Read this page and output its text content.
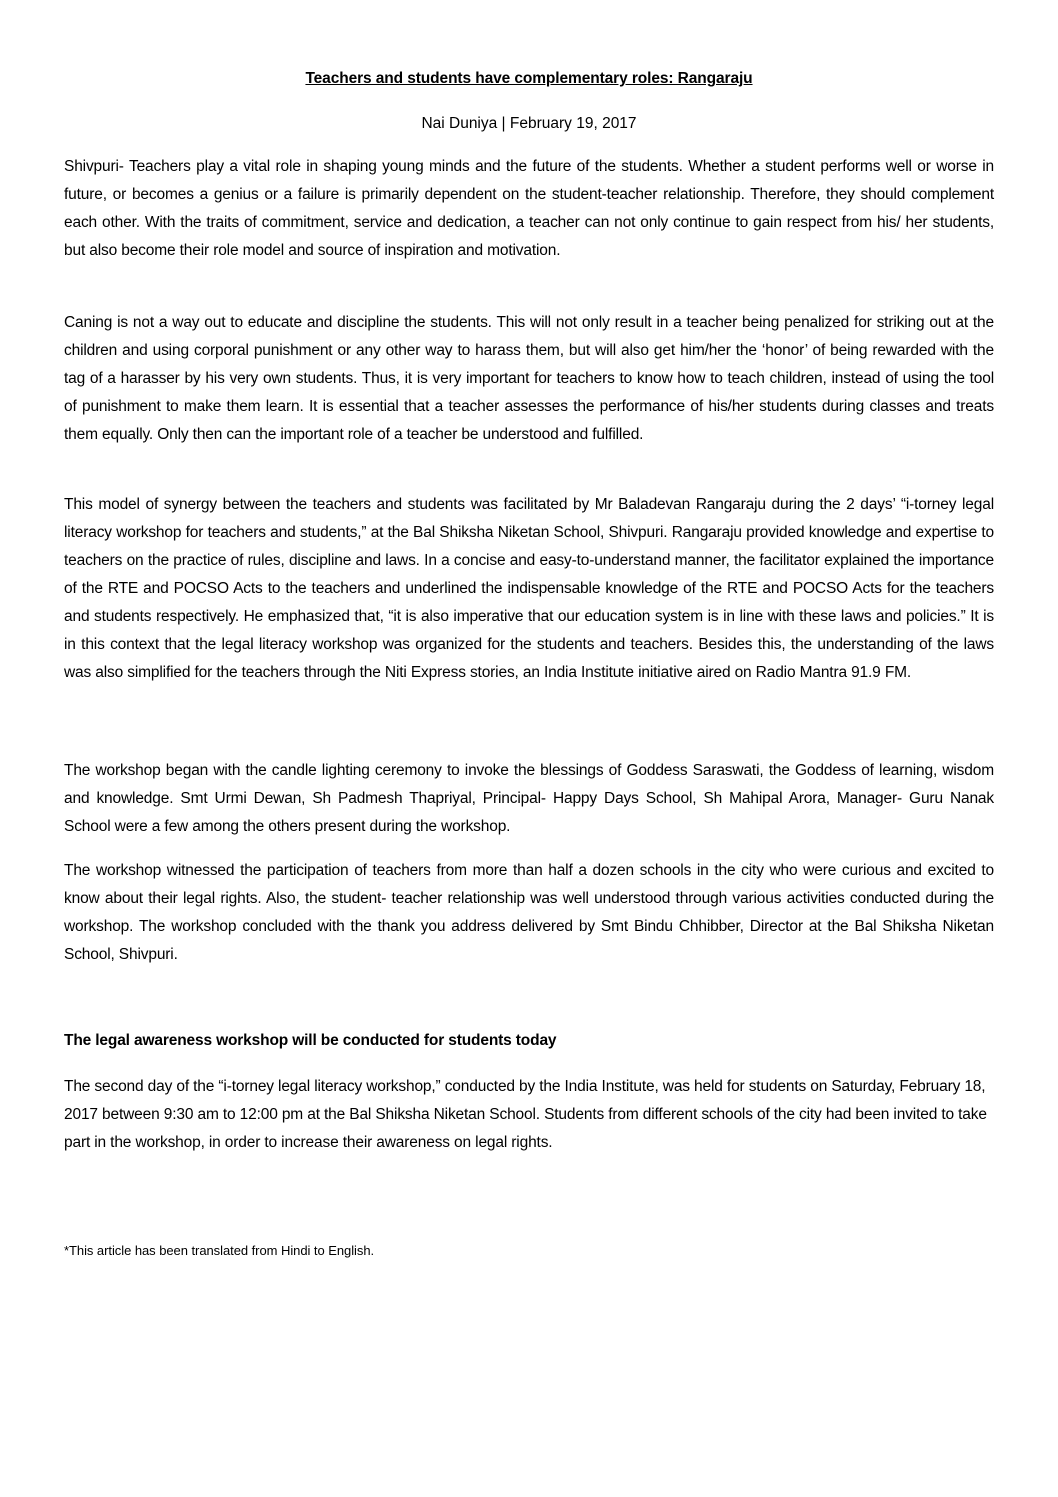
Teachers and students have complementary roles: Rangaraju
Nai Duniya | February 19, 2017

Shivpuri- Teachers play a vital role in shaping young minds and the future of the students. Whether a student performs well or worse in future, or becomes a genius or a failure is primarily dependent on the student-teacher relationship. Therefore, they should complement each other. With the traits of commitment, service and dedication, a teacher can not only continue to gain respect from his/ her students, but also become their role model and source of inspiration and motivation.

Caning is not a way out to educate and discipline the students. This will not only result in a teacher being penalized for striking out at the children and using corporal punishment or any other way to harass them, but will also get him/her the ‘honor’ of being rewarded with the tag of a harasser by his very own students. Thus, it is very important for teachers to know how to teach children, instead of using the tool of punishment to make them learn. It is essential that a teacher assesses the performance of his/her students during classes and treats them equally. Only then can the important role of a teacher be understood and fulfilled.

This model of synergy between the teachers and students was facilitated by Mr Baladevan Rangaraju during the 2 days’ “i-torney legal literacy workshop for teachers and students,” at the Bal Shiksha Niketan School, Shivpuri. Rangaraju provided knowledge and expertise to teachers on the practice of rules, discipline and laws. In a concise and easy-to-understand manner, the facilitator explained the importance of the RTE and POCSO Acts to the teachers and underlined the indispensable knowledge of the RTE and POCSO Acts for the teachers and students respectively. He emphasized that, “it is also imperative that our education system is in line with these laws and policies.” It is in this context that the legal literacy workshop was organized for the students and teachers. Besides this, the understanding of the laws was also simplified for the teachers through the Niti Express stories, an India Institute initiative aired on Radio Mantra 91.9 FM.

The workshop began with the candle lighting ceremony to invoke the blessings of Goddess Saraswati, the Goddess of learning, wisdom and knowledge. Smt Urmi Dewan, Sh Padmesh Thapriyal, Principal- Happy Days School, Sh Mahipal Arora, Manager- Guru Nanak School were a few among the others present during the workshop.

The workshop witnessed the participation of teachers from more than half a dozen schools in the city who were curious and excited to know about their legal rights. Also, the student- teacher relationship was well understood through various activities conducted during the workshop. The workshop concluded with the thank you address delivered by Smt Bindu Chhibber, Director at the Bal Shiksha Niketan School, Shivpuri.

The legal awareness workshop will be conducted for students today

The second day of the “i-torney legal literacy workshop,” conducted by the India Institute, was held for students on Saturday, February 18, 2017 between 9:30 am to 12:00 pm at the Bal Shiksha Niketan School. Students from different schools of the city had been invited to take part in the workshop, in order to increase their awareness on legal rights.

*This article has been translated from Hindi to English.
